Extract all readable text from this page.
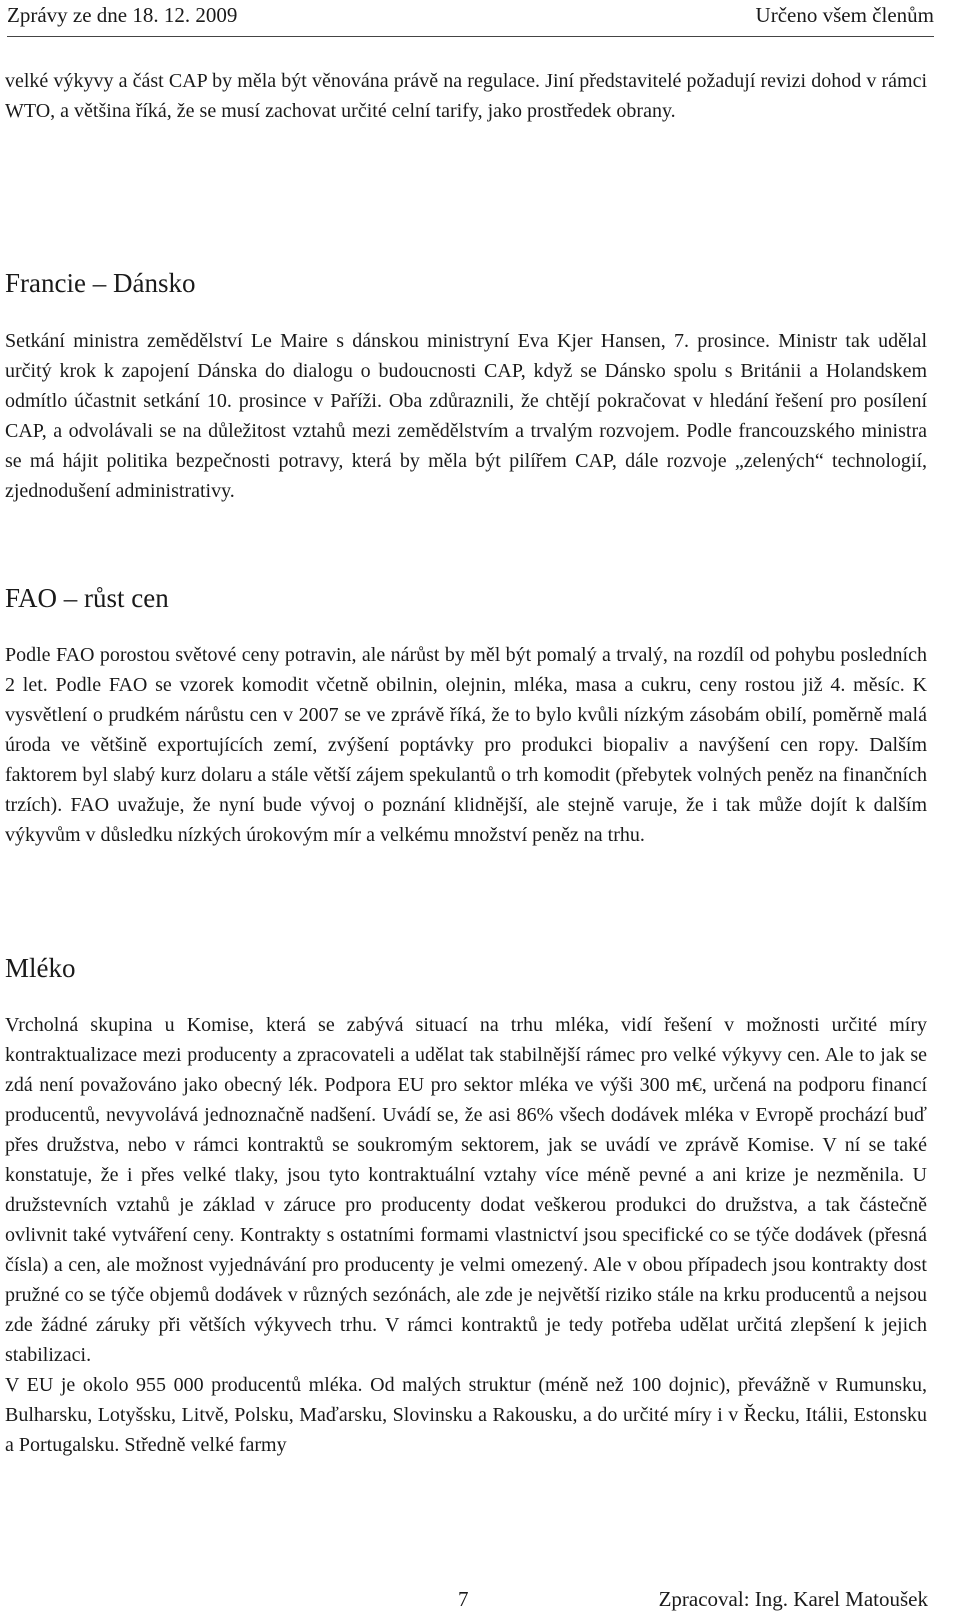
Zprávy ze dne 18. 12. 2009	Určeno všem členům

velké výkyvy a část CAP by měla být věnována právě na regulace. Jiní představitelé požadují revizi dohod v rámci WTO, a většina říká, že se musí zachovat určité celní tarify, jako prostředek obrany.

Francie – Dánsko

Setkání ministra zemědělství Le Maire s dánskou ministryní Eva Kjer Hansen, 7. prosince. Ministr tak udělal určitý krok k zapojení Dánska do dialogu o budoucnosti CAP, když se Dánsko spolu s Británii a Holandskem odmítlo účastnit setkání 10. prosince v Paříži. Oba zdůraznili, že chtějí pokračovat v hledání řešení pro posílení CAP, a odvolávali se na důležitost vztahů mezi zemědělstvím a trvalým rozvojem. Podle francouzského ministra se má hájit politika bezpečnosti potravy, která by měla být pilířem CAP, dále rozvoje „zelených“ technologií, zjednodušení administrativy.

FAO – růst cen

Podle FAO porostou světové ceny potravin, ale nárůst by měl být pomalý a trvalý, na rozdíl od pohybu posledních 2 let. Podle FAO se vzorek komodit včetně obilnin, olejnin, mléka, masa a cukru, ceny rostou již 4. měsíc. K vysvětlení o prudkém nárůstu cen v 2007 se ve zprávě říká, že to bylo kvůli nízkým zásobám obilí, poměrně malá úroda ve většině exportujících zemí, zvýšení poptávky pro produkci biopaliv a navýšení cen ropy. Dalším faktorem byl slabý kurz dolaru a stále větší zájem spekulantů o trh komodit (přebytek volných peněz na finančních trzích). FAO uvažuje, že nyní bude vývoj o poznání klidnější, ale stejně varuje, že i tak může dojít k dalším výkyvům v důsledku nízkých úrokovým mír a velkému množství peněz na trhu.

Mléko

Vrcholná skupina u Komise, která se zabývá situací na trhu mléka, vidí řešení v možnosti určité míry kontraktualizace mezi producenty a zpracovateli a udělat tak stabilnější rámec pro velké výkyvy cen. Ale to jak se zdá není považováno jako obecný lék. Podpora EU pro sektor mléka ve výši 300 m€, určená na podporu financí producentů, nevyvolává jednoznačně nadšení. Uvádí se, že asi 86% všech dodávek mléka v Evropě prochází buď přes družstva, nebo v rámci kontraktů se soukromým sektorem, jak se uvádí ve zprávě Komise. V ní se také konstatuje, že i přes velké tlaky, jsou tyto kontraktuální vztahy více méně pevné a ani krize je nezměnila. U družstevních vztahů je základ v záruce pro producenty dodat veškerou produkci do družstva, a tak částečně ovlivnit také vytváření ceny. Kontrakty s ostatními formami vlastnictví jsou specifické co se týče dodávek (přesná čísla) a cen, ale možnost vyjednávání pro producenty je velmi omezený. Ale v obou případech jsou kontrakty dost pružné co se týče objemů dodávek v různých sezónách, ale zde je největší riziko stále na krku producentů a nejsou zde žádné záruky při větších výkyvech trhu. V rámci kontraktů je tedy potřeba udělat určitá zlepšení k jejich stabilizaci.

V EU je okolo 955 000 producentů mléka. Od malých struktur (méně než 100 dojnic), převážně v Rumunsku, Bulharsku, Lotyšsku, Litvě, Polsku, Maďarsku, Slovinsku a Rakousku, a do určité míry i v Řecku, Itálii, Estonsku a Portugalsku. Středně velké farmy

7	Zpracoval: Ing. Karel Matoušek
